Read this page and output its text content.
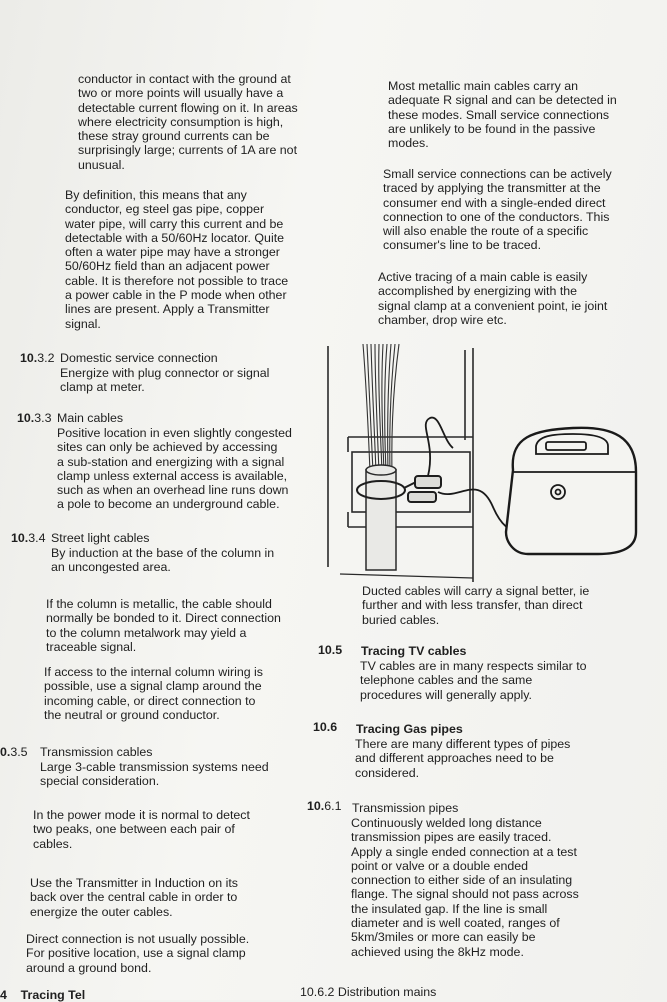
conductor in contact with the ground at
two or more points will usually have a
detectable current flowing on it. In areas
where electricity consumption is high,
these stray ground currents can be
surprisingly large; currents of 1A are not
unusual.

By definition, this means that any
conductor, eg steel gas pipe, copper
water pipe, will carry this current and be
detectable with a 50/60Hz locator. Quite
often a water pipe may have a stronger
50/60Hz field than an adjacent power
cable. It is therefore not possible to trace
a power cable in the P mode when other
lines are present. Apply a Transmitter
signal.

10.3.2 Domestic service connection

Energize with plug connector or signal
clamp at meter.

10.3.3 Main cables

Positive location in even slightly congested
sites can only be achieved by accessing
a sub-station and energizing with a signal
clamp unless external access is available,
such as when an overhead line runs down
a pole to become an underground cable.

10.3.4 Street light cables

By induction at the base of the column in
an uncongested area.

If the column is metallic, the cable should
normally be bonded to it. Direct connection
to the column metalwork may yield a
traceable signal.

If access to the internal column wiring is
possible, use a signal clamp around the
incoming cable, or direct connection to
the neutral or ground conductor.

0.3.5 Transmission cables

Large 3-cable transmission systems need
special consideration.

In the power mode it is normal to detect
two peaks, one between each pair of
cables.

Use the Transmitter in Induction on its
back over the central cable in order to
energize the outer cables.

Direct connection is not usually possible.
For positive location, use a signal clamp
around a ground bond.

4    Tracing Tel

Most metallic main cables carry an
adequate R signal and can be detected in
these modes. Small service connections
are unlikely to be found in the passive
modes.

Small service connections can be actively
traced by applying the transmitter at the
consumer end with a single-ended direct
connection to one of the conductors. This
will also enable the route of a specific
consumer's line to be traced.

Active tracing of a main cable is easily
accomplished by energizing with the
signal clamp at a convenient point, ie joint
chamber, drop wire etc.

Ducted cables will carry a signal better, ie
further and with less transfer, than direct
buried cables.

10.5 Tracing TV cables

TV cables are in many respects similar to
telephone cables and the same
procedures will generally apply.

10.6 Tracing Gas pipes

There are many different types of pipes
and different approaches need to be
considered.

10.6.1 Transmission pipes

Continuously welded long distance
transmission pipes are easily traced.
Apply a single ended connection at a test
point or valve or a double ended
connection to either side of an insulating
flange. The signal should not pass across
the insulated gap. If the line is small
diameter and is well coated, ranges of
5km/3miles or more can easily be
achieved using the 8kHz mode.

10.6.2 Distribution mains
